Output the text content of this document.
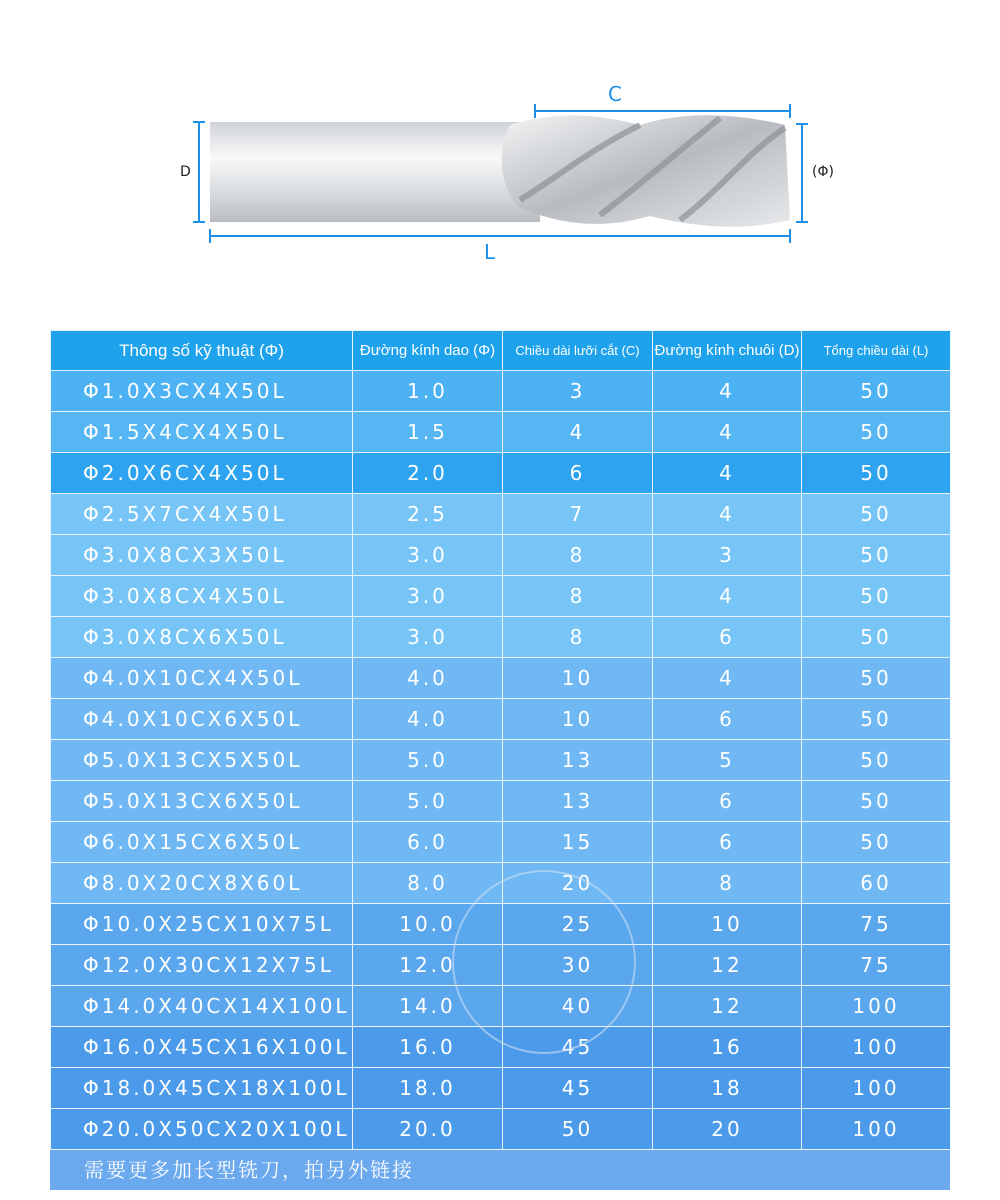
C
L
D	(Φ)
Thông số kỹ thuật (Φ)	Đường kính dao (Φ)	Chiều dài lưỡi cắt (C)	Đường kính chuôi (D)	Tổng chiều dài (L)
Φ1.0X3CX4X50L	1.0	3	4	50
Φ1.5X4CX4X50L	1.5	4	4	50
Φ2.0X6CX4X50L	2.0	6	4	50
Φ2.5X7CX4X50L	2.5	7	4	50
Φ3.0X8CX3X50L	3.0	8	3	50
Φ3.0X8CX4X50L	3.0	8	4	50
Φ3.0X8CX6X50L	3.0	8	6	50
Φ4.0X10CX4X50L	4.0	10	4	50
Φ4.0X10CX6X50L	4.0	10	6	50
Φ5.0X13CX5X50L	5.0	13	5	50
Φ5.0X13CX6X50L	5.0	13	6	50
Φ6.0X15CX6X50L	6.0	15	6	50
Φ8.0X20CX8X60L	8.0	20	8	60
Φ10.0X25CX10X75L	10.0	25	10	75
Φ12.0X30CX12X75L	12.0	30	12	75
Φ14.0X40CX14X100L	14.0	40	12	100
Φ16.0X45CX16X100L	16.0	45	16	100
Φ18.0X45CX18X100L	18.0	45	18	100
Φ20.0X50CX20X100L	20.0	50	20	100
需要更多加长型铣刀，拍另外链接
